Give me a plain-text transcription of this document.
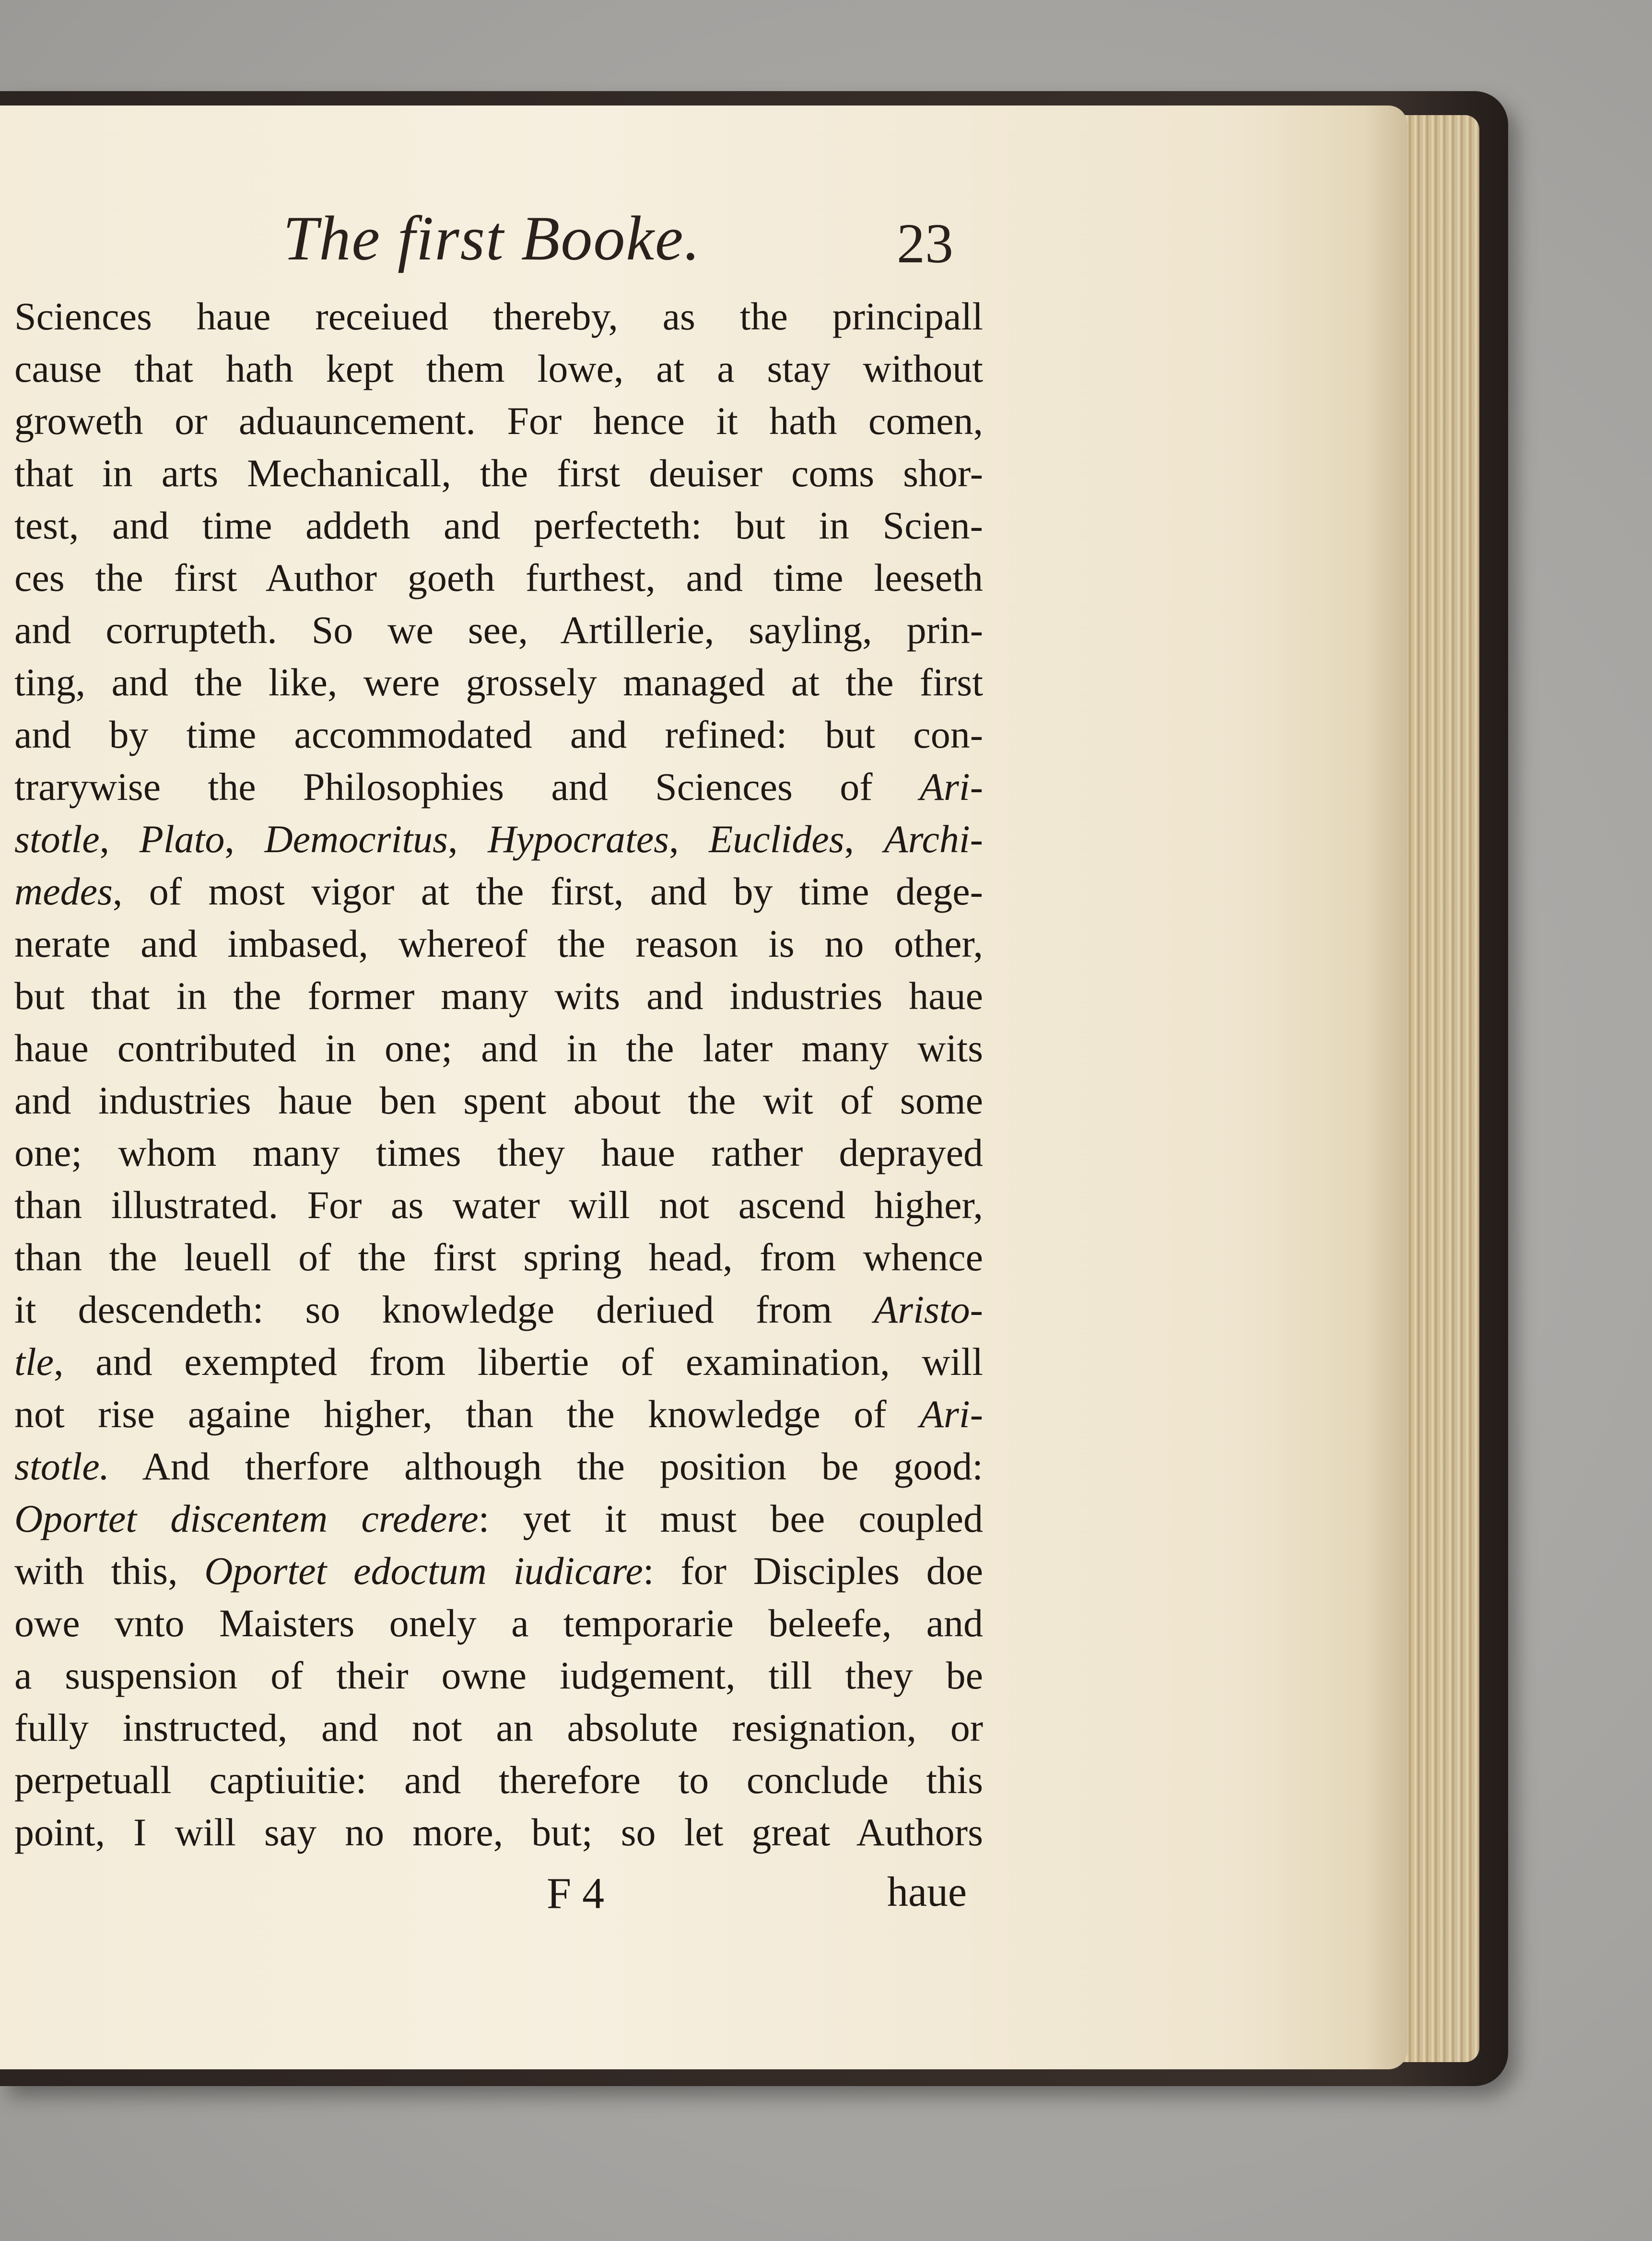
The first Booke.	23
Sciences haue receiued thereby, as the principall
cause that hath kept them lowe, at a stay without
groweth or aduauncement. For hence it hath comen,
that in arts Mechanicall, the first deuiser coms shor-
test, and time addeth and perfecteth: but in Scien-
ces the first Author goeth furthest, and time leeseth
and corrupteth. So we see, Artillerie, sayling, prin-
ting, and the like, were grossely managed at the first
and by time accommodated and refined: but con-
trarywise the Philosophies and Sciences of Ari-
stotle, Plato, Democritus, Hypocrates, Euclides, Archi-
medes, of most vigor at the first, and by time dege-
nerate and imbased, whereof the reason is no other,
but that in the former many wits and industries haue
haue contributed in one; and in the later many wits
and industries haue ben spent about the wit of some
one; whom many times they haue rather deprayed
than illustrated. For as water will not ascend higher,
than the leuell of the first spring head, from whence
it descendeth: so knowledge deriued from Aristo-
tle, and exempted from libertie of examination, will
not rise againe higher, than the knowledge of Ari-
stotle. And therfore although the position be good:
Oportet discentem credere: yet it must bee coupled
with this, Oportet edoctum iudicare: for Disciples doe
owe vnto Maisters onely a temporarie beleefe, and
a suspension of their owne iudgement, till they be
fully instructed, and not an absolute resignation, or
perpetuall captiuitie: and therefore to conclude this
point, I will say no more, but; so let great Authors
F 4	haue
